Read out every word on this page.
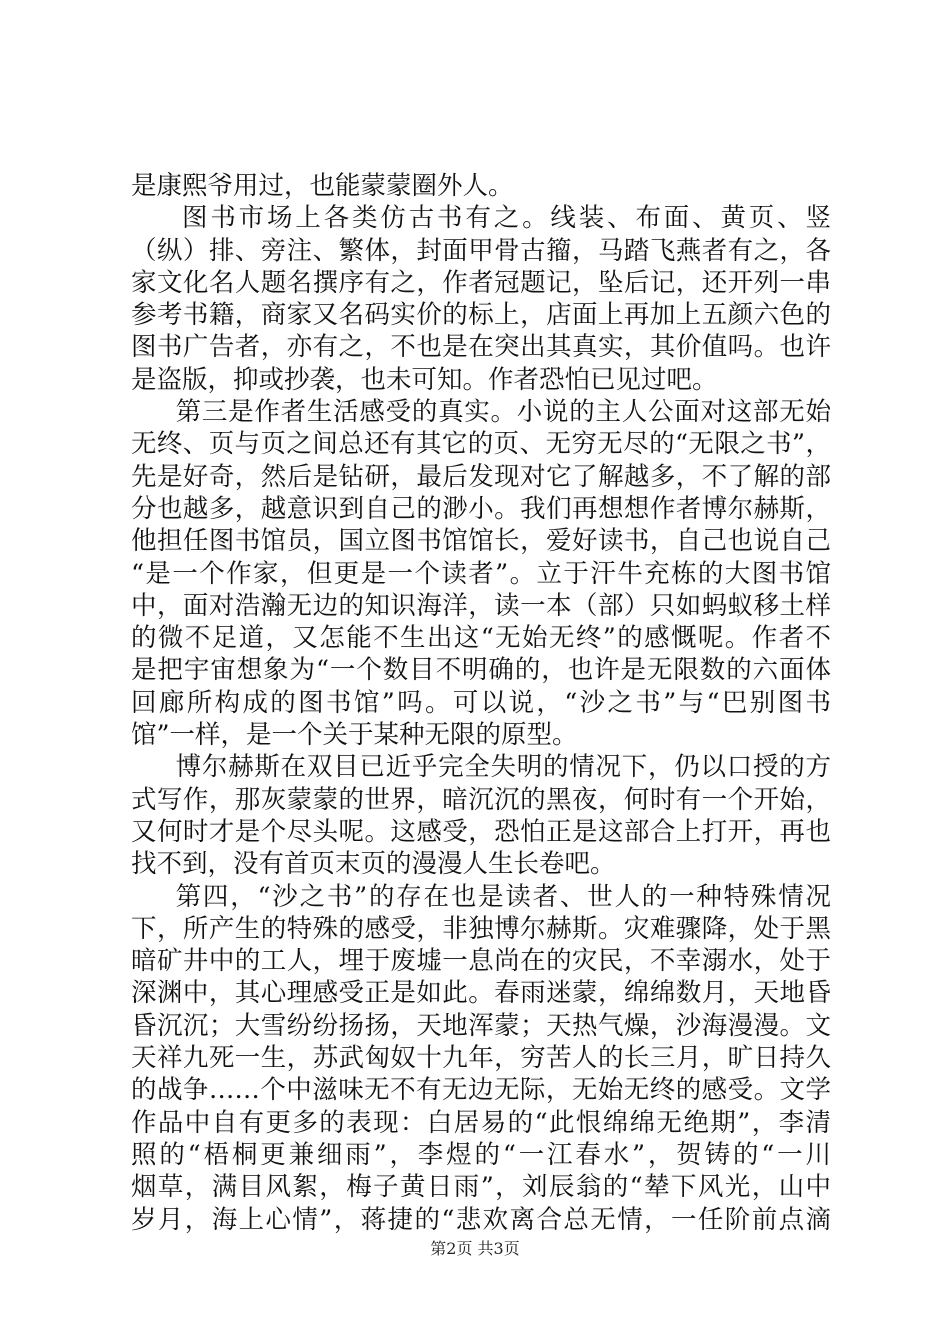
是康熙爷用过，也能蒙蒙圈外人。
图书市场上各类仿古书有之。线装、布面、黄页、竖
（纵）排、旁注、繁体，封面甲骨古籀，马踏飞燕者有之，各
家文化名人题名撰序有之，作者冠题记，坠后记，还开列一串
参考书籍，商家又名码实价的标上，店面上再加上五颜六色的
图书广告者，亦有之，不也是在突出其真实，其价值吗。也许
是盗版，抑或抄袭，也未可知。作者恐怕已见过吧。
第三是作者生活感受的真实。小说的主人公面对这部无始
无终、页与页之间总还有其它的页、无穷无尽的“无限之书”，
先是好奇，然后是钻研，最后发现对它了解越多，不了解的部
分也越多，越意识到自己的渺小。我们再想想作者博尔赫斯，
他担任图书馆员，国立图书馆馆长，爱好读书，自己也说自己
“是一个作家，但更是一个读者”。立于汗牛充栋的大图书馆
中，面对浩瀚无边的知识海洋，读一本（部）只如蚂蚁移土样
的微不足道，又怎能不生出这“无始无终”的感慨呢。作者不
是把宇宙想象为“一个数目不明确的，也许是无限数的六面体
回廊所构成的图书馆”吗。可以说，“沙之书”与“巴别图书
馆”一样，是一个关于某种无限的原型。
博尔赫斯在双目已近乎完全失明的情况下，仍以口授的方
式写作，那灰蒙蒙的世界，暗沉沉的黑夜，何时有一个开始，
又何时才是个尽头呢。这感受，恐怕正是这部合上打开，再也
找不到，没有首页末页的漫漫人生长卷吧。
第四，“沙之书”的存在也是读者、世人的一种特殊情况
下，所产生的特殊的感受，非独博尔赫斯。灾难骤降，处于黑
暗矿井中的工人，埋于废墟一息尚在的灾民，不幸溺水，处于
深渊中，其心理感受正是如此。春雨迷蒙，绵绵数月，天地昏
昏沉沉；大雪纷纷扬扬，天地浑蒙；天热气燥，沙海漫漫。文
天祥九死一生，苏武匈奴十九年，穷苦人的长三月，旷日持久
的战争……个中滋味无不有无边无际，无始无终的感受。文学
作品中自有更多的表现：白居易的“此恨绵绵无绝期”，李清
照的“梧桐更兼细雨”，李煜的“一江春水”，贺铸的“一川
烟草，满目风絮，梅子黄日雨”，刘辰翁的“辇下风光，山中
岁月，海上心情”，蒋捷的“悲欢离合总无情，一任阶前点滴
第2页 共3页
